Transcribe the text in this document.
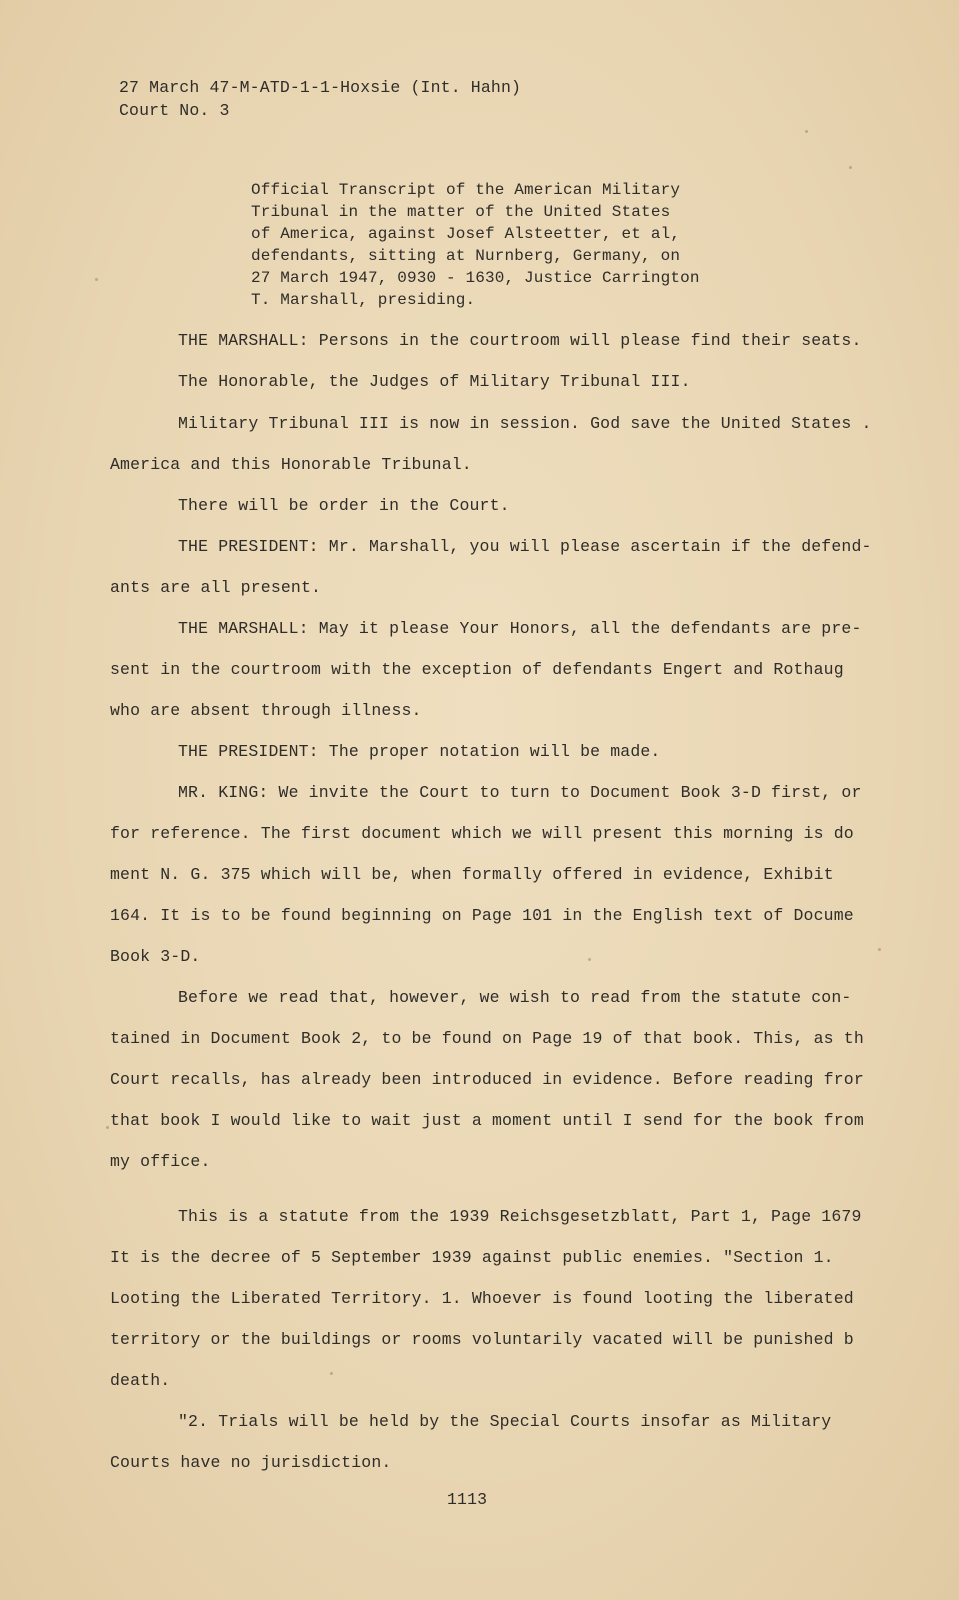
27 March 47-M-ATD-1-1-Hoxsie (Int. Hahn)
Court No. 3
Official Transcript of the American Military
Tribunal in the matter of the United States
of America, against Josef Alsteetter, et al,
defendants, sitting at Nurnberg, Germany, on
27 March 1947, 0930 - 1630, Justice Carrington
T. Marshall, presiding.
THE MARSHALL: Persons in the courtroom will please find their seats.
The Honorable, the Judges of Military Tribunal III.
Military Tribunal III is now in session. God save the United States .
America and this Honorable Tribunal.
There will be order in the Court.
THE PRESIDENT: Mr. Marshall, you will please ascertain if the defend-
ants are all present.
THE MARSHALL: May it please Your Honors, all the defendants are pre-
sent in the courtroom with the exception of defendants Engert and Rothaug
who are absent through illness.
THE PRESIDENT: The proper notation will be made.
MR. KING: We invite the Court to turn to Document Book 3-D first, or
for reference. The first document which we will present this morning is do
ment N. G. 375 which will be, when formally offered in evidence, Exhibit
164. It is to be found beginning on Page 101 in the English text of Docume
Book 3-D.
Before we read that, however, we wish to read from the statute con-
tained in Document Book 2, to be found on Page 19 of that book. This, as th
Court recalls, has already been introduced in evidence. Before reading fror
that book I would like to wait just a moment until I send for the book from
my office.
This is a statute from the 1939 Reichsgesetzblatt, Part 1, Page 1679
It is the decree of 5 September 1939 against public enemies. "Section 1.
Looting the Liberated Territory. 1. Whoever is found looting the liberated
territory or the buildings or rooms voluntarily vacated will be punished b
death.
"2. Trials will be held by the Special Courts insofar as Military
Courts have no jurisdiction.
1113
